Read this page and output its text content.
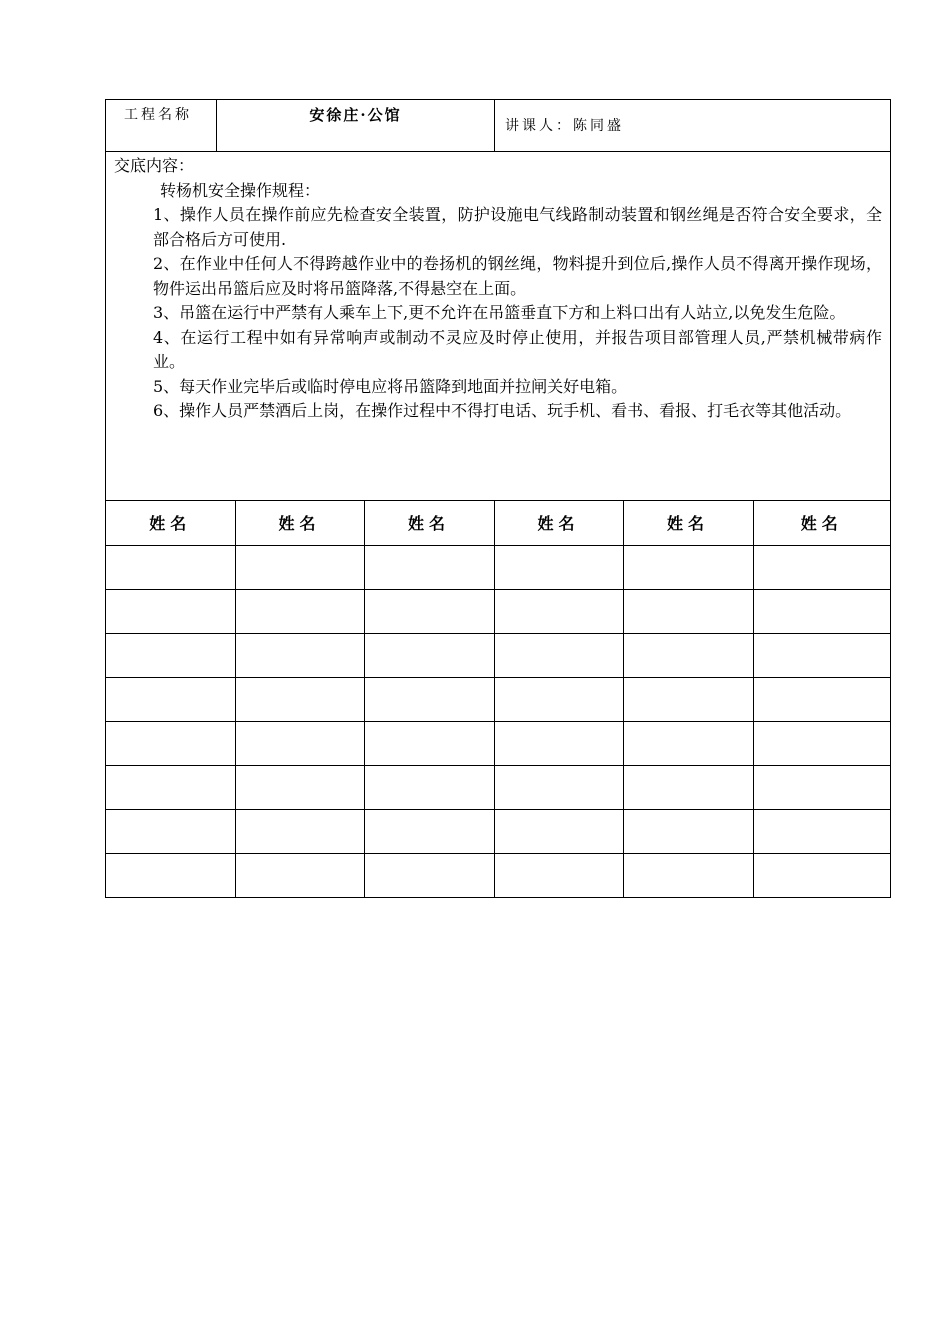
工程名称	安徐庄·公馆
讲课人：陈同盛

交底内容：

转杨机安全操作规程：

1、操作人员在操作前应先检查安全装置，防护设施电气线路制动装置和钢丝绳是否符合安全要求，全部合格后方可使用.

2、在作业中任何人不得跨越作业中的卷扬机的钢丝绳，物料提升到位后,操作人员不得离开操作现场，物件运出吊篮后应及时将吊篮降落,不得悬空在上面。

3、吊篮在运行中严禁有人乘车上下,更不允许在吊篮垂直下方和上料口出有人站立,以免发生危险。

4、在运行工程中如有异常响声或制动不灵应及时停止使用，并报告项目部管理人员,严禁机械带病作业。

5、每天作业完毕后或临时停电应将吊篮降到地面并拉闸关好电箱。

6、操作人员严禁酒后上岗，在操作过程中不得打电话、玩手机、看书、看报、打毛衣等其他活动。

姓名	姓名	姓名	姓名	姓名	姓名
